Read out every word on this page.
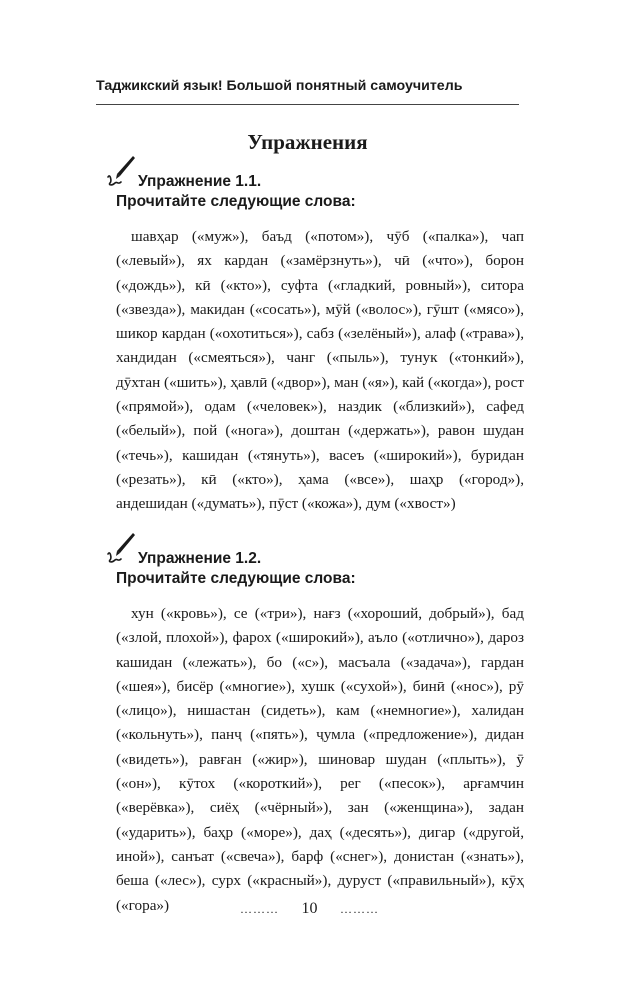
Таджикский язык! Большой понятный самоучитель
Упражнения
Упражнение 1.1.
Прочитайте следующие слова:
шавҳар («муж»), баъд («потом»), чӯб («палка»), чап («левый»), ях кардан («замёрзнуть»), чӣ («что»), борон («дождь»), кӣ («кто»), суфта («гладкий, ровный»), ситора («звезда»), макидан («сосать»), мӯй («волос»), гӯшт («мясо»), шикор кардан («охотиться»), сабз («зелёный»), алаф («трава»), хандидан («смеяться»), чанг («пыль»), тунук («тонкий»), дӯхтан («шить»), ҳавлӣ («двор»), ман («я»), кай («когда»), рост («прямой»), одам («человек»), наздик («близкий»), сафед («белый»), пой («нога»), доштан («держать»), равон шудан («течь»), кашидан («тянуть»), васеъ («широкий»), буридан («резать»), кӣ («кто»), ҳама («все»), шаҳр («город»), андешидан («думать»), пӯст («кожа»), дум («хвост»)
Упражнение 1.2.
Прочитайте следующие слова:
хун («кровь»), се («три»), нағз («хороший, добрый»), бад («злой, плохой»), фарох («широкий»), аъло («отлично»), дароз кашидан («лежать»), бо («с»), масъала («задача»), гардан («шея»), бисёр («многие»), хушк («сухой»), бинӣ («нос»), рӯ («лицо»), нишастан (сидеть»), кам («немногие»), халидан («кольнуть»), панҷ («пять»), ҷумла («предложение»), дидан («видеть»), равған («жир»), шиновар шудан («плыть»), ӯ («он»), кӯтох («короткий»), рег («песок»), арғамчин («верёвка»), сиёҳ («чёрный»), зан («женщина»), задан («ударить»), баҳр («море»), даҳ («десять»), дигар («другой, иной»), санъат («свеча»), барф («снег»), донистан («знать»), беша («лес»), сурх («красный»), дуруст («правильный»), кӯҳ («гора»)	……… 10 ………
